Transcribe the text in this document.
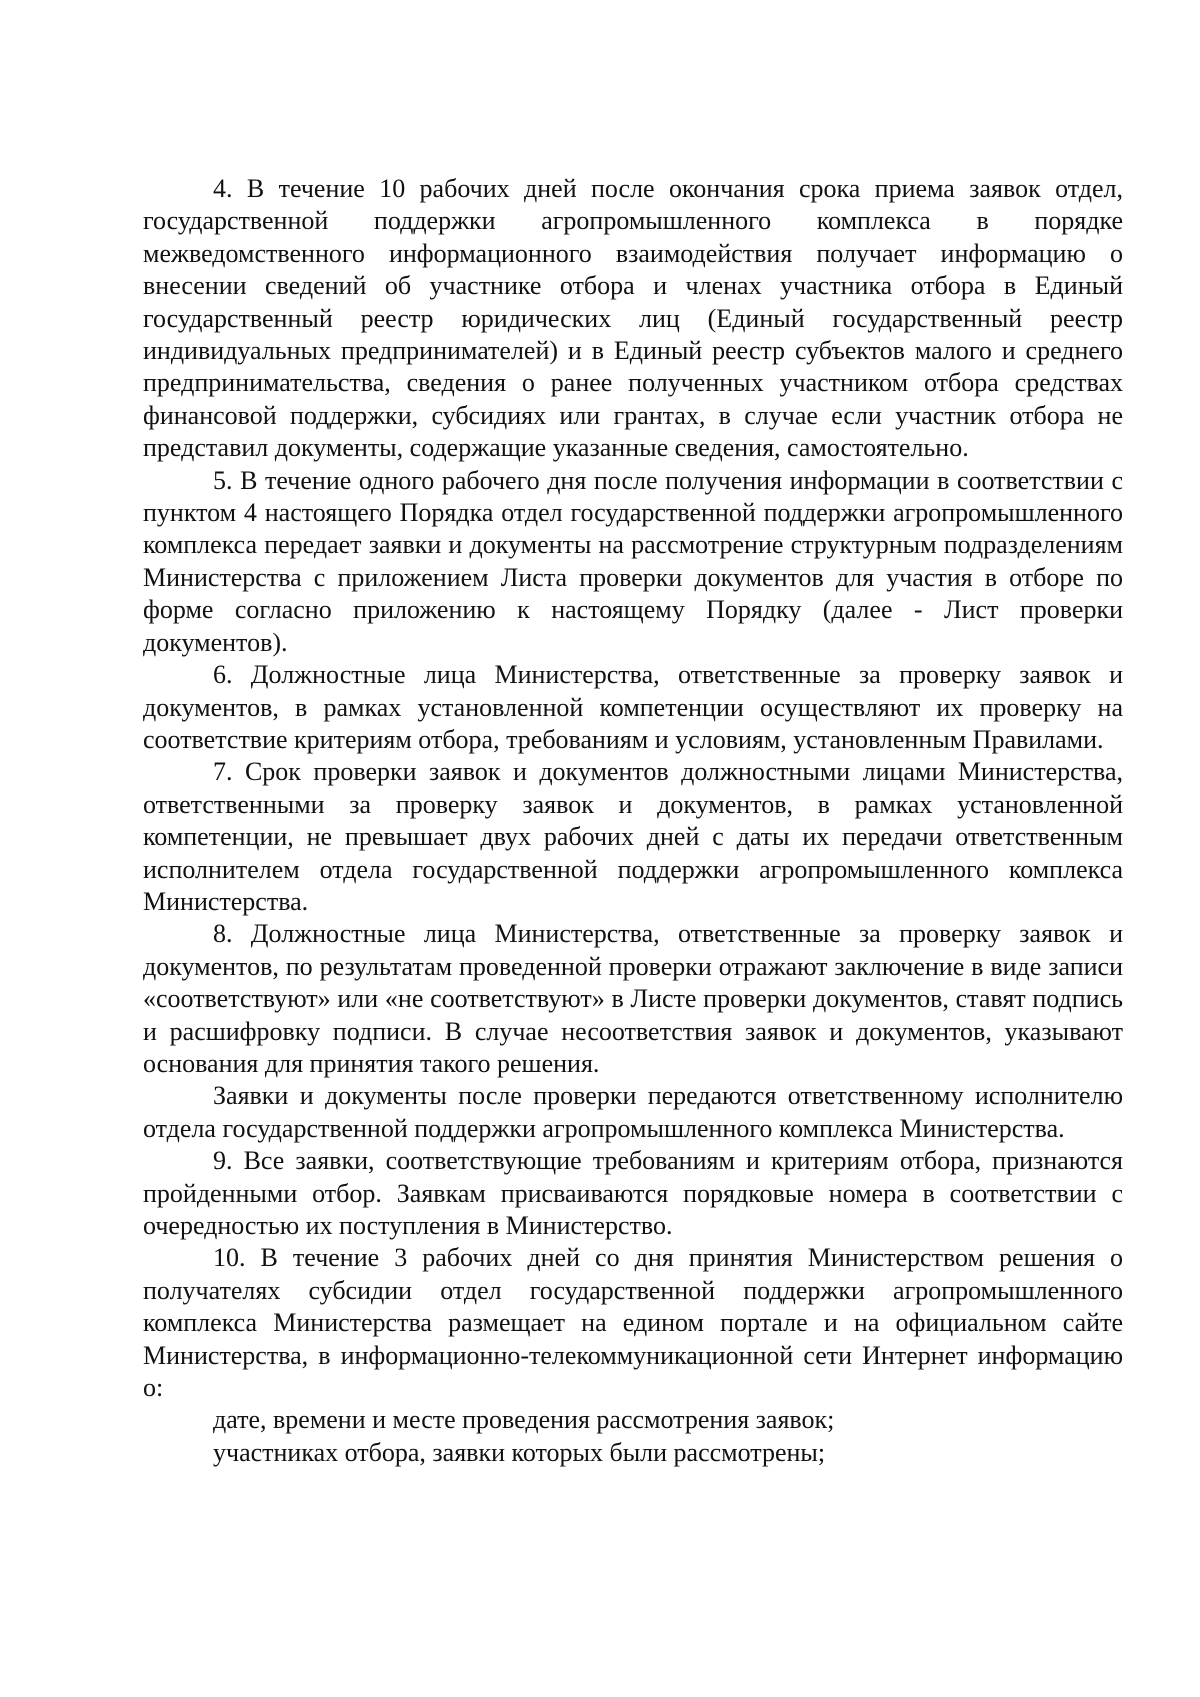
4. В течение 10 рабочих дней после окончания срока приема заявок отдел, государственной поддержки агропромышленного комплекса в порядке межведомственного информационного взаимодействия получает информацию о внесении сведений об участнике отбора и членах участника отбора в Единый государственный реестр юридических лиц (Единый государственный реестр индивидуальных предпринимателей) и в Единый реестр субъектов малого и среднего предпринимательства, сведения о ранее полученных участником отбора средствах финансовой поддержки, субсидиях или грантах, в случае если участник отбора не представил документы, содержащие указанные сведения, самостоятельно.

5. В течение одного рабочего дня после получения информации в соответствии с пунктом 4 настоящего Порядка отдел государственной поддержки агропромышленного комплекса передает заявки и документы на рассмотрение структурным подразделениям Министерства с приложением Листа проверки документов для участия в отборе по форме согласно приложению к настоящему Порядку (далее - Лист проверки документов).

6. Должностные лица Министерства, ответственные за проверку заявок и документов, в рамках установленной компетенции осуществляют их проверку на соответствие критериям отбора, требованиям и условиям, установленным Правилами.

7. Срок проверки заявок и документов должностными лицами Министерства, ответственными за проверку заявок и документов, в рамках установленной компетенции, не превышает двух рабочих дней с даты их передачи ответственным исполнителем отдела государственной поддержки агропромышленного комплекса Министерства.

8. Должностные лица Министерства, ответственные за проверку заявок и документов, по результатам проведенной проверки отражают заключение в виде записи «соответствуют» или «не соответствуют» в Листе проверки документов, ставят подпись и расшифровку подписи. В случае несоответствия заявок и документов, указывают основания для принятия такого решения.

Заявки и документы после проверки передаются ответственному исполнителю отдела государственной поддержки агропромышленного комплекса Министерства.

9. Все заявки, соответствующие требованиям и критериям отбора, признаются пройденными отбор. Заявкам присваиваются порядковые номера в соответствии с очередностью их поступления в Министерство.

10. В течение 3 рабочих дней со дня принятия Министерством решения о получателях субсидии отдел государственной поддержки агропромышленного комплекса Министерства размещает на едином портале и на официальном сайте Министерства, в информационно-телекоммуникационной сети Интернет информацию о:

дате, времени и месте проведения рассмотрения заявок;

участниках отбора, заявки которых были рассмотрены;
